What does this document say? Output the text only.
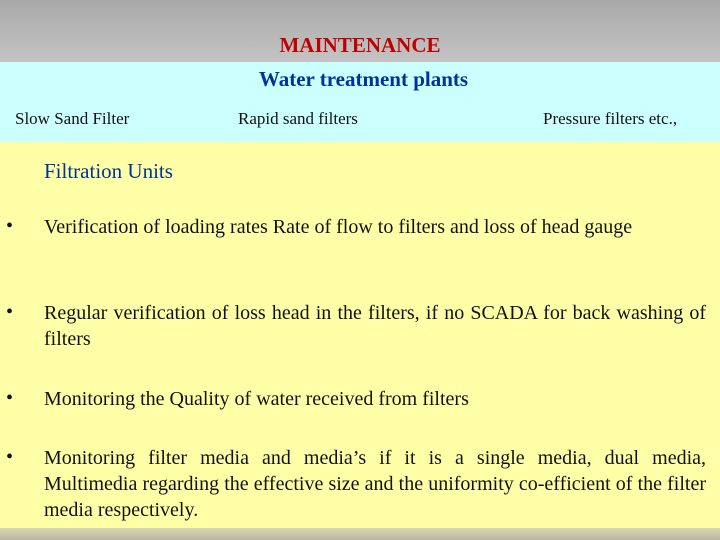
MAINTENANCE
Water treatment plants
Slow Sand Filter	Rapid sand filters	Pressure filters etc.,
Filtration Units
• Verification of loading rates Rate of flow to filters and loss of head gauge

• Regular verification of loss head in the filters, if no SCADA for back washing of filters

• Monitoring the Quality of water received from filters

• Monitoring filter media and media’s if it is a single media, dual media, Multimedia regarding the effective size and the uniformity co-efficient of the filter media respectively.
